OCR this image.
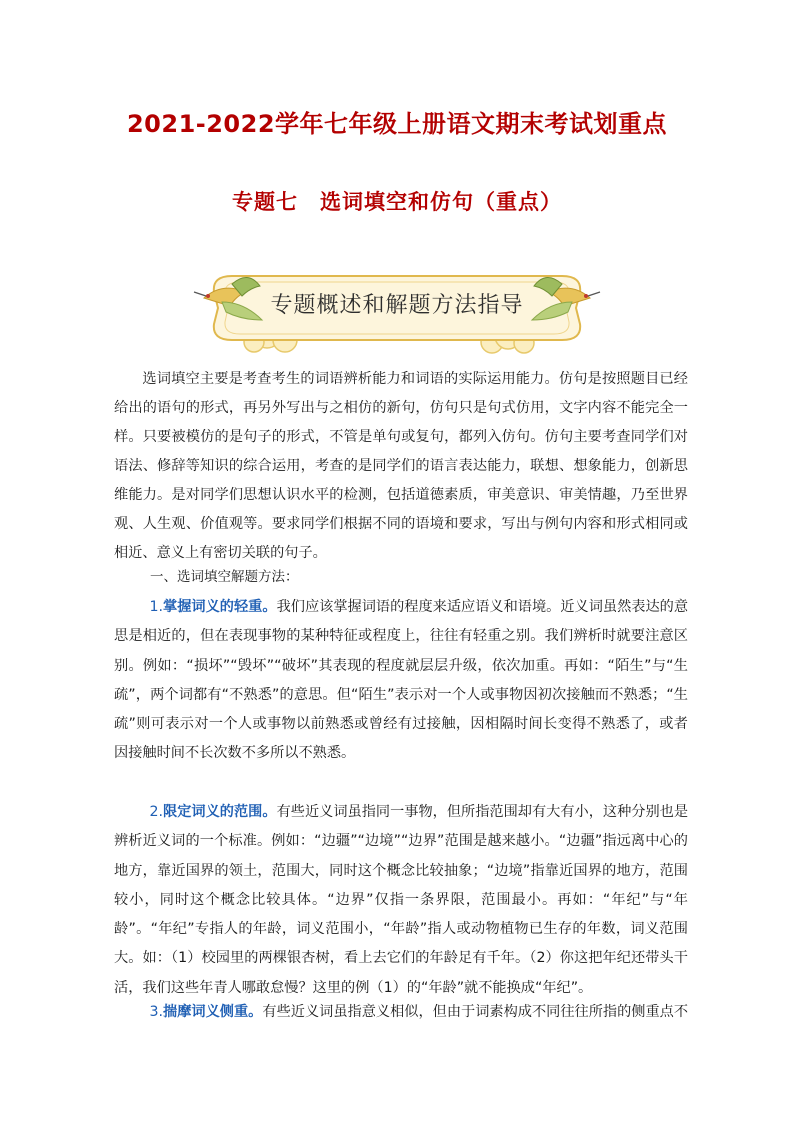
2021-2022学年七年级上册语文期末考试划重点
专题七　选词填空和仿句（重点）
专题概述和解题方法指导

选词填空主要是考查考生的词语辨析能力和词语的实际运用能力。仿句是按照题目已经给出的语句的形式，再另外写出与之相仿的新句，仿句只是句式仿用，文字内容不能完全一样。只要被模仿的是句子的形式，不管是单句或复句，都列入仿句。仿句主要考查同学们对语法、修辞等知识的综合运用，考查的是同学们的语言表达能力，联想、想象能力，创新思维能力。是对同学们思想认识水平的检测，包括道德素质，审美意识、审美情趣，乃至世界观、人生观、价值观等。要求同学们根据不同的语境和要求，写出与例句内容和形式相同或相近、意义上有密切关联的句子。

一、选词填空解题方法：

1.掌握词义的轻重。我们应该掌握词语的程度来适应语义和语境。近义词虽然表达的意思是相近的，但在表现事物的某种特征或程度上，往往有轻重之别。我们辨析时就要注意区别。例如：“损坏”“毁坏”“破坏”其表现的程度就层层升级，依次加重。再如：“陌生”与“生疏”，两个词都有“不熟悉”的意思。但“陌生”表示对一个人或事物因初次接触而不熟悉；“生疏”则可表示对一个人或事物以前熟悉或曾经有过接触，因相隔时间长变得不熟悉了，或者因接触时间不长次数不多所以不熟悉。

2.限定词义的范围。有些近义词虽指同一事物，但所指范围却有大有小，这种分别也是辨析近义词的一个标准。例如：“边疆”“边境”“边界”范围是越来越小。“边疆”指远离中心的地方，靠近国界的领土，范围大，同时这个概念比较抽象；“边境”指靠近国界的地方，范围较小，同时这个概念比较具体。“边界”仅指一条界限，范围最小。再如：“年纪”与“年龄”。“年纪”专指人的年龄，词义范围小，“年龄”指人或动物植物已生存的年数，词义范围大。如：（1）校园里的两棵银杏树，看上去它们的年龄足有千年。（2）你这把年纪还带头干活，我们这些年青人哪敢怠慢？这里的例（1）的“年龄”就不能换成“年纪”。

3.揣摩词义侧重。有些近义词虽指意义相似，但由于词素构成不同往往所指的侧重点不
